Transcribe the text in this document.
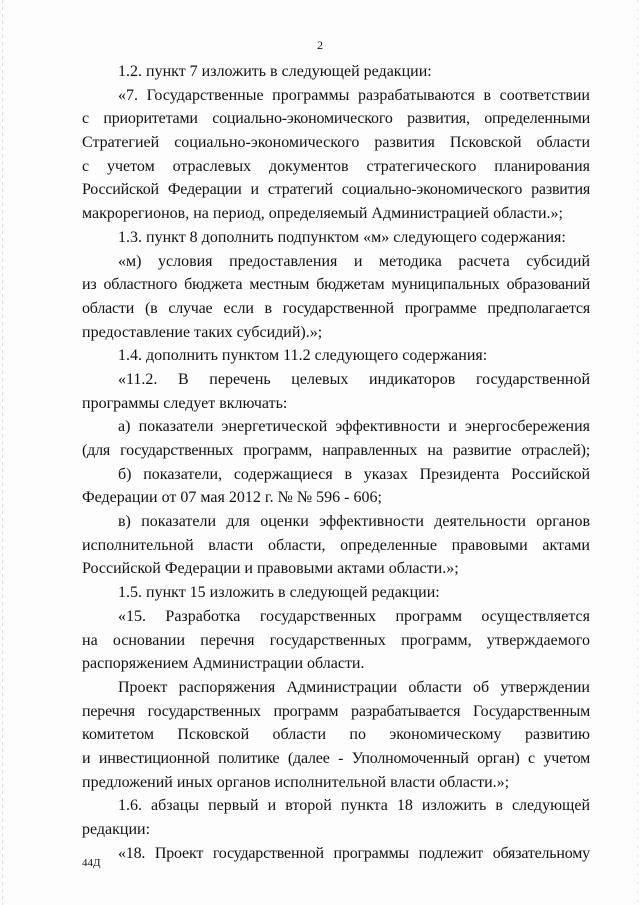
2
1.2. пункт 7 изложить в следующей редакции:
«7. Государственные программы разрабатываются в соответствии
с приоритетами социально-экономического развития, определенными
Стратегией социально-экономического развития Псковской области
с учетом отраслевых документов стратегического планирования
Российской Федерации и стратегий социально-экономического развития
макрорегионов, на период, определяемый Администрацией области.»;
1.3. пункт 8 дополнить подпунктом «м» следующего содержания:
«м) условия предоставления и методика расчета субсидий
из областного бюджета местным бюджетам муниципальных образований
области (в случае если в государственной программе предполагается
предоставление таких субсидий).»;
1.4. дополнить пунктом 11.2 следующего содержания:
«11.2. В перечень целевых индикаторов государственной
программы следует включать:
а) показатели энергетической эффективности и энергосбережения
(для государственных программ, направленных на развитие отраслей);
б) показатели, содержащиеся в указах Президента Российской
Федерации от 07 мая 2012 г. № № 596 - 606;
в) показатели для оценки эффективности деятельности органов
исполнительной власти области, определенные правовыми актами
Российской Федерации и правовыми актами области.»;
1.5. пункт 15 изложить в следующей редакции:
«15. Разработка государственных программ осуществляется
на основании перечня государственных программ, утверждаемого
распоряжением Администрации области.
Проект распоряжения Администрации области об утверждении
перечня государственных программ разрабатывается Государственным
комитетом Псковской области по экономическому развитию
и инвестиционной политике (далее - Уполномоченный орган) с учетом
предложений иных органов исполнительной власти области.»;
1.6. абзацы первый и второй пункта 18 изложить в следующей
редакции:
«18. Проект государственной программы подлежит обязательному
44Д
